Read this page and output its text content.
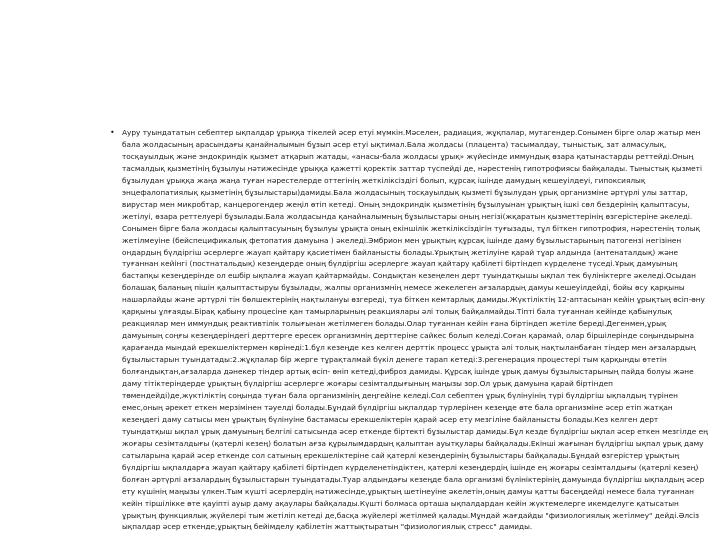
• Ауру туындататын себептер ықпалдар ұрыққа тікелей әсер етуі мүмкін.Мәселен, радиация, жұқпалар, мутагендер.Сонымен бірге олар жатыр мен бала жолдасының арасындағы қанайналымын бұзып әсер етуі ықтимал.Бала жолдасы (плацента) тасымалдау, тыныстық, зат алмасулық, тосқауылдық және эндокриндік қызмет атқарып жатады, «анасы-бала жолдасы ұрық» жүйесінде иммундық өзара қатынастарды реттейді.Оның тасмалдық қызметінің бұзылуы нәтижесінде ұрыққа қажетті қоректік заттар түспейді де, нәрестенің гипотрофиясы байқалады. Тыныстық қызметі бұзылудан ұрыққа жаңа жаңа туған нәрестелерде оттегінің жеткіліксіздігі болып, құрсақ ішінде дамудың кешеуілдеуі, гипоксиялық энцефалопатиялық қызметінің бұзылыстары)дамиды.Бала жолдасының тосқауылдық қызметі бұзылудан ұрық организміне әртүрлі улы заттар, вирустар мен микробтар, канцерогендер жеңіл өтіп кетеді. Оның эндокриндік қызметінің бұзылуынан ұрықтың ішкі сөл бездерінің қалыптасуы, жетілуі, өзара реттелуері бұзылады.Бала жолдасында қанайналымның бұзылыстары оның негізі(жқаратын қызметтерінің өзгерістеріне әкеледі. Сонымен бірге бала жолдасы қалыптасуының бұзылуы ұрықта оның екіншілік жеткіліксіздігін туғызады, тұл біткен гипотрофия, нәрестенің толық жетілмеуіне (бейспецификалық фетопатия дамуына ) әкеледі.Эмбрион мен ұрықтың құрсақ ішінде даму бұзылыстарының патогензі негізінен ондардың бүлдіргіш әсерлерге жауап қайтару қасиетімен байланысты болады.Ұрықтың жетілуіне қарай тұар алдында (антенаталдық) және туғаннан кейінгі (постнатальдық) кезеңдерде оның бүлдіргіш әсерлерге жауап қайтару қабілеті біртіндеп күрделене түседі.Ұрық дамуының бастапқы кезеңдерінде ол ешбір ықпалға жауап қайтармайды. Сондықтан кезеңелен дерт туындатқышы ықпал тек бүлініктерге әкеледі.Осыдан болашақ баланың пішін қалыптастыруы бұзылады, жалпы организмнің немесе жекелеген ағзалардың дамуы кешеуілдейді, бойы өсу қарқыны нашарлайды және әртүрлі тін бөлшектерінің нақтылануы өзгереді, туа біткен кемтарлық дамиды.Жүктіліктің 12-аптасынан кейін ұрықтың өсіп-өну қарқыны ұлғаяды.Бірақ қабыну процесіне қан тамырларының реакциялары әлі толық байқалмайды.Тіпті бала туғаннан кейінде қабынулық реакциялар мен иммундық реактивтілік толығынан жетілмеген болады.Олар туғаннан кейін ғана біртіндеп жетіле береді.Дегенмен,ұрық дамуының соңғы кезеңдеріндегі дерттерге ересек организмнің дерттеріне сайкес болып келеді.Соған қарамай, олар біршілерінде соңындырына қарағанда мындай ерекшеліктермен көрінеді:1.бұл кезеңде кез келген дерттік процесс ұрықта әлі толық нақтыланбаған тіндер мен ағзалардың бұзылыстарын туындатады:2.жұқпалар бір жерге тұрақталмай бүкіл денеге тарап кетеді:3.регенерация процестері тым қарқынды өтетін болғандықтан,ағзаларда дәнекер тіндер артық өсіп- өніп кетеді,фиброз дамиды. Құрсақ ішінде ұрық дамуы бұзылыстарының пайда болуы және даму тітіктеріндерде ұрықтың бүлдіргіш әсерлерге жоғары сезімталдығының маңызы зор.Ол ұрық дамуына қарай біртіндеп төмендейді)де,жүктіліктің соңында туған бала организмінің деңгейіне келеді.Сол себептен ұрық бүлінуінің түрі бүлдіргіш ықпалдың түрінен емес,оның әрекет еткен мерзімінен тәуелді болады.Бұндай бүлдіргіш ықпалдар түрлерінен кезеңде өте бала организміне әсер етіп жатқан кезеңдегі даму сатысы мен ұрықтың бүлінуіне бастамасы ерекшеліктерін қарай әсер ету мезгіліне байланысты болады.Кез келген дерт туындатқыш ықпал ұрық дамуының белгілі сатысында әсер еткенде біртекті бұзылыстар дамиды.Бұл кезде бүлдіргіш ықпал әсер еткен мезгілде ең жоғары сезімталдығы (қатерлі кезең) болатын ағза құрылымдардың қалыптан ауытқулары байқалады.Екінші жағынан бүлдіргіш ықпал ұрық даму сатыларына қарай әсер еткенде сол сатының ерекшеліктеріне сай қатерлі кезеңдерінің бұзылыстары байқалады.Бұндай өзгерістер ұрықтың бүлдіргіш ықпалдарға жауап қайтару қабілеті біртіндеп күрделенетіндіктен, қатерлі кезеңдердің ішінде ең жоғары сезімталдығы (қатерлі кезең) болған әртүрлі ағзалардың бұзылыстарын туындатады.Туар алдындағы кезеңде бала организмі бүлініктерінің дамуында бүлдіргіш ықпалдың әсер ету күшінің маңызы үлкен.Тым күшті әсерлердің нәтижесінде,ұрықтың шетінеуіне әкелетін,оның дамуы қатты бәсеңдейді немесе бала туғаннан кейін тіршілікке өте қауіпті ауыр даму ақаулары байқалады.Күшті болмаса орташа ықпалдардан кейін жүктемелерге икемделуге қатысатын ұрықтың функциялық жүйелері тым жетіліп кетеді де,басқа жүйелері жетілмей қалады.Мұндай жағдайды "физиологиялық жетілмеу" дейді.Әлсіз ықпалдар әсер еткенде,ұрықтың бейімделу қабілетін жаттықтыратын "физиологиялық стресс" дамиды.
